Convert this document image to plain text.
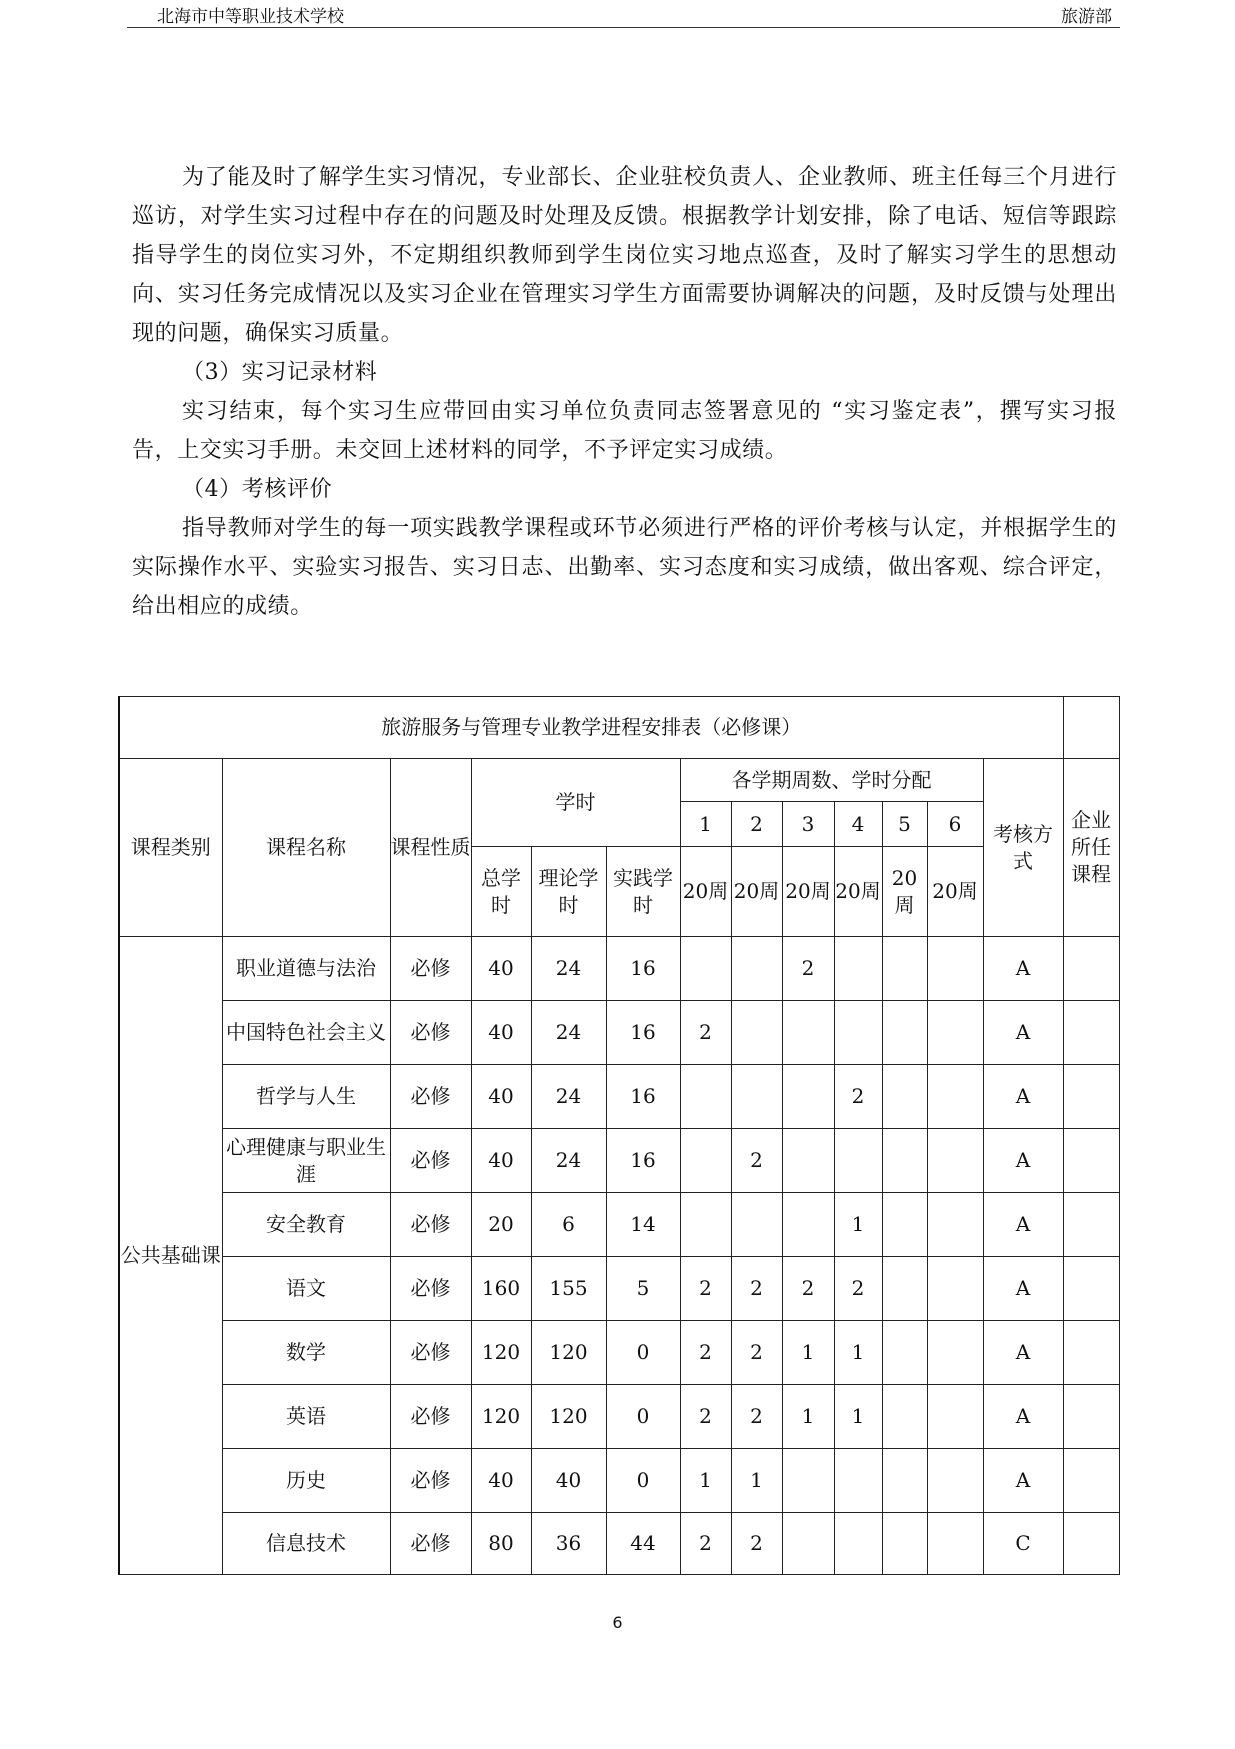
北海市中等职业技术学校	旅游部

为了能及时了解学生实习情况，专业部长、企业驻校负责人、企业教师、班主任每三个月进行巡访，对学生实习过程中存在的问题及时处理及反馈。根据教学计划安排，除了电话、短信等跟踪指导学生的岗位实习外，不定期组织教师到学生岗位实习地点巡查，及时了解实习学生的思想动向、实习任务完成情况以及实习企业在管理实习学生方面需要协调解决的问题，及时反馈与处理出现的问题，确保实习质量。

（3）实习记录材料

实习结束，每个实习生应带回由实习单位负责同志签署意见的 “实习鉴定表”，撰写实习报告，上交实习手册。未交回上述材料的同学，不予评定实习成绩。

（4）考核评价

指导教师对学生的每一项实践教学课程或环节必须进行严格的评价考核与认定，并根据学生的实际操作水平、实验实习报告、实习日志、出勤率、实习态度和实习成绩，做出客观、综合评定，给出相应的成绩。

旅游服务与管理专业教学进程安排表（必修课）													
课程类别	课程名称	课程性质	学时			各学期周数、学时分配						考核方式	企业所任课程
						1	2	3	4	5	6		
			总学时	理论学时	实践学时	20周	20周	20周	20周	20周	20周		
公共基础课	职业道德与法治	必修	40	24	16			2				A	
	中国特色社会主义	必修	40	24	16	2						A	
	哲学与人生	必修	40	24	16				2			A	
	心理健康与职业生涯	必修	40	24	16		2					A	
	安全教育	必修	20	6	14				1			A	
	语文	必修	160	155	5	2	2	2	2			A	
	数学	必修	120	120	0	2	2	1	1			A	
	英语	必修	120	120	0	2	2	1	1			A	
	历史	必修	40	40	0	1	1					A	
	信息技术	必修	80	36	44	2	2					C	
6
